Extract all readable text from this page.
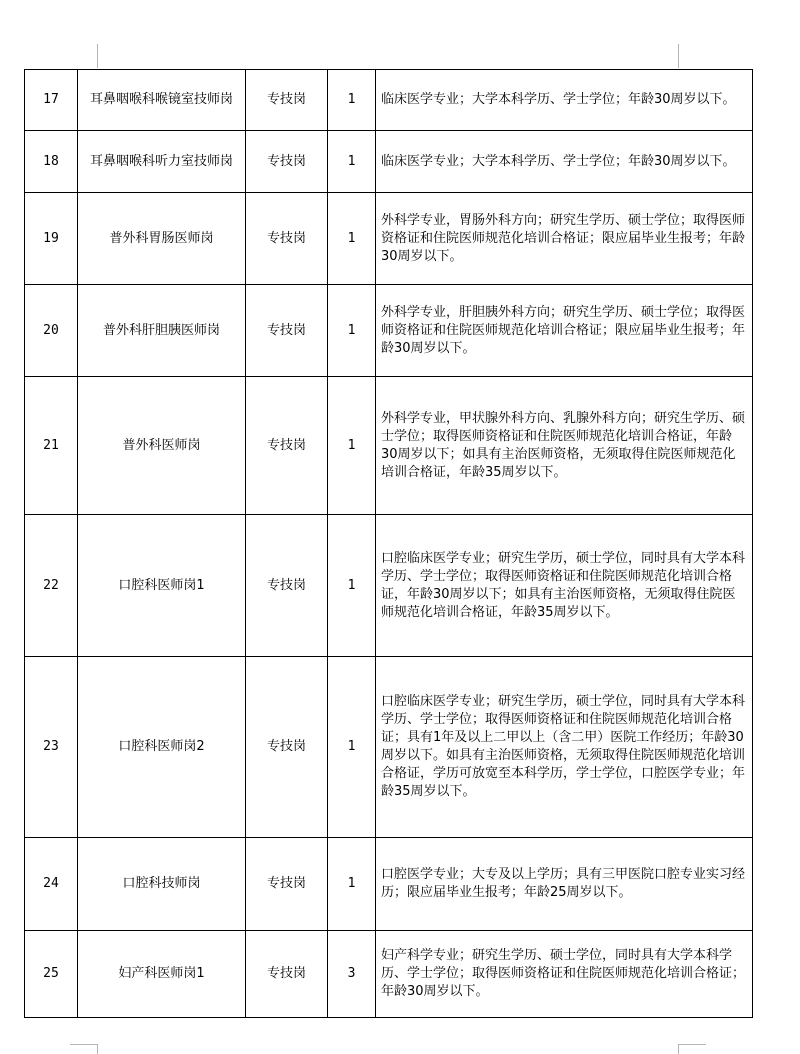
17	耳鼻咽喉科喉镜室技师岗	专技岗	1	临床医学专业；大学本科学历、学士学位；年龄30周岁以下。
18	耳鼻咽喉科听力室技师岗	专技岗	1	临床医学专业；大学本科学历、学士学位；年龄30周岁以下。
19	普外科胃肠医师岗	专技岗	1	外科学专业，胃肠外科方向；研究生学历、硕士学位；取得医师资格证和住院医师规范化培训合格证；限应届毕业生报考；年龄30周岁以下。
20	普外科肝胆胰医师岗	专技岗	1	外科学专业，肝胆胰外科方向；研究生学历、硕士学位；取得医师资格证和住院医师规范化培训合格证；限应届毕业生报考；年龄30周岁以下。
21	普外科医师岗	专技岗	1	外科学专业，甲状腺外科方向、乳腺外科方向；研究生学历、硕士学位；取得医师资格证和住院医师规范化培训合格证，年龄30周岁以下；如具有主治医师资格，无须取得住院医师规范化培训合格证，年龄35周岁以下。
22	口腔科医师岗1	专技岗	1	口腔临床医学专业；研究生学历，硕士学位，同时具有大学本科学历、学士学位；取得医师资格证和住院医师规范化培训合格证，年龄30周岁以下；如具有主治医师资格，无须取得住院医师规范化培训合格证，年龄35周岁以下。
23	口腔科医师岗2	专技岗	1	口腔临床医学专业；研究生学历，硕士学位，同时具有大学本科学历、学士学位；取得医师资格证和住院医师规范化培训合格证；具有1年及以上二甲以上（含二甲）医院工作经历；年龄30周岁以下。如具有主治医师资格，无须取得住院医师规范化培训合格证，学历可放宽至本科学历，学士学位，口腔医学专业；年龄35周岁以下。
24	口腔科技师岗	专技岗	1	口腔医学专业；大专及以上学历；具有三甲医院口腔专业实习经历；限应届毕业生报考；年龄25周岁以下。
25	妇产科医师岗1	专技岗	3	妇产科学专业；研究生学历、硕士学位，同时具有大学本科学历、学士学位；取得医师资格证和住院医师规范化培训合格证；年龄30周岁以下。
